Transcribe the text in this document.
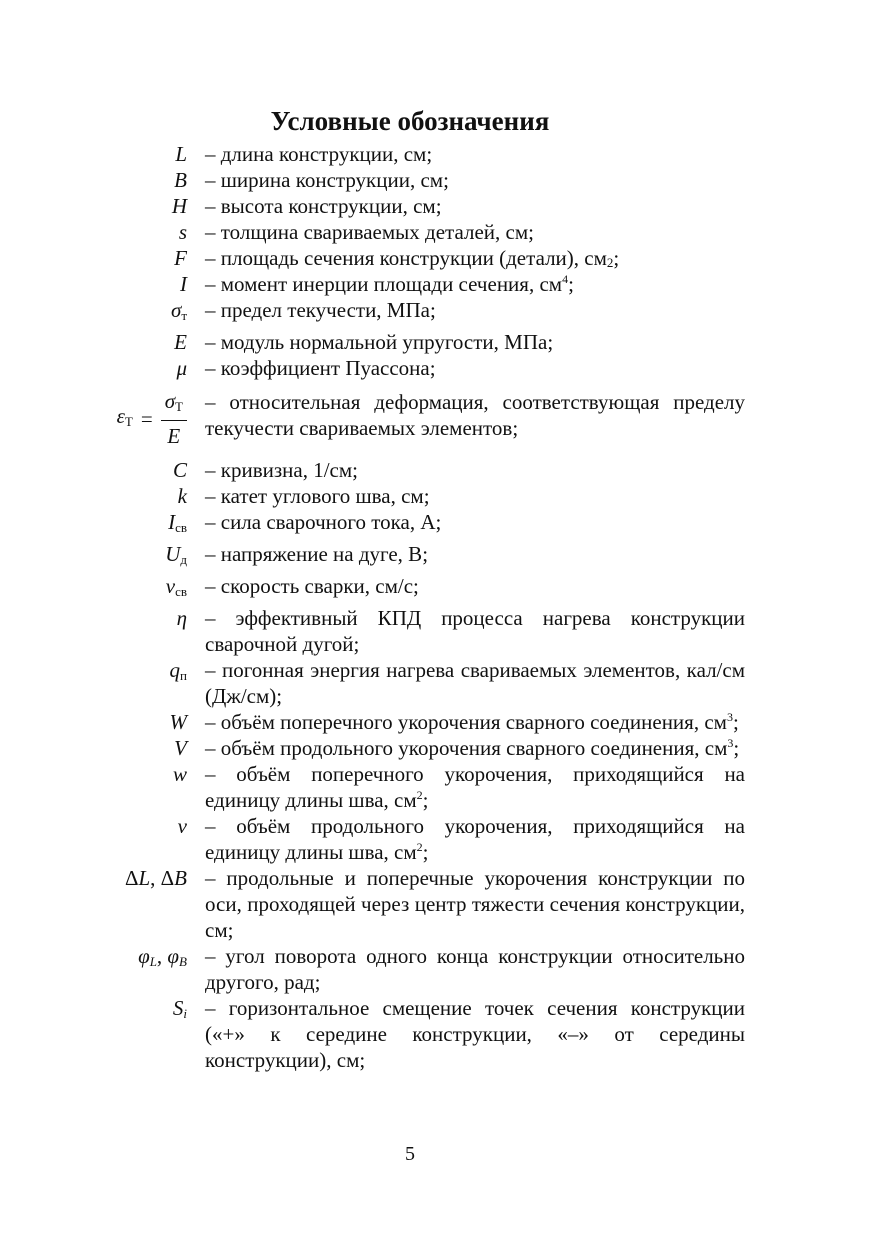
Условные обозначения
L – длина конструкции, см;
B – ширина конструкции, см;
H – высота конструкции, см;
s – толщина свариваемых деталей, см;
F – площадь сечения конструкции (детали), $см_2$;
I – момент инерции площади сечения, $см^4$;
$\sigma_т$ – предел текучести, МПа;
E – модуль нормальной упругости, МПа;
μ – коэффициент Пуассона;
$\varepsilon_Т = \frac{\sigma_Т}{E}$ – относительная деформация, соответствующая пределу текучести свариваемых элементов;
C – кривизна, 1/см;
k – катет углового шва, см;
$I_{св}$ – сила сварочного тока, А;
$U_д$ – напряжение на дуге, В;
$v_{св}$ – скорость сварки, см/с;
η – эффективный КПД процесса нагрева конструкции сварочной дугой;
$q_п$ – погонная энергия нагрева свариваемых элементов, кал/см (Дж/см);
W – объём поперечного укорочения сварного соединения, $см^3$;
V – объём продольного укорочения сварного соединения, $см^3$;
w – объём поперечного укорочения, приходящийся на единицу длины шва, $см^2$;
v – объём продольного укорочения, приходящийся на единицу длины шва, $см^2$;
ΔL, ΔB – продольные и поперечные укорочения конструкции по оси, проходящей через центр тяжести сечения конструкции, см;
$\varphi_L$, $\varphi_B$ – угол поворота одного конца конструкции относительно другого, рад;
$S_i$ – горизонтальное смещение точек сечения конструкции («+» к середине конструкции, «–» от середины конструкции), см;
5
